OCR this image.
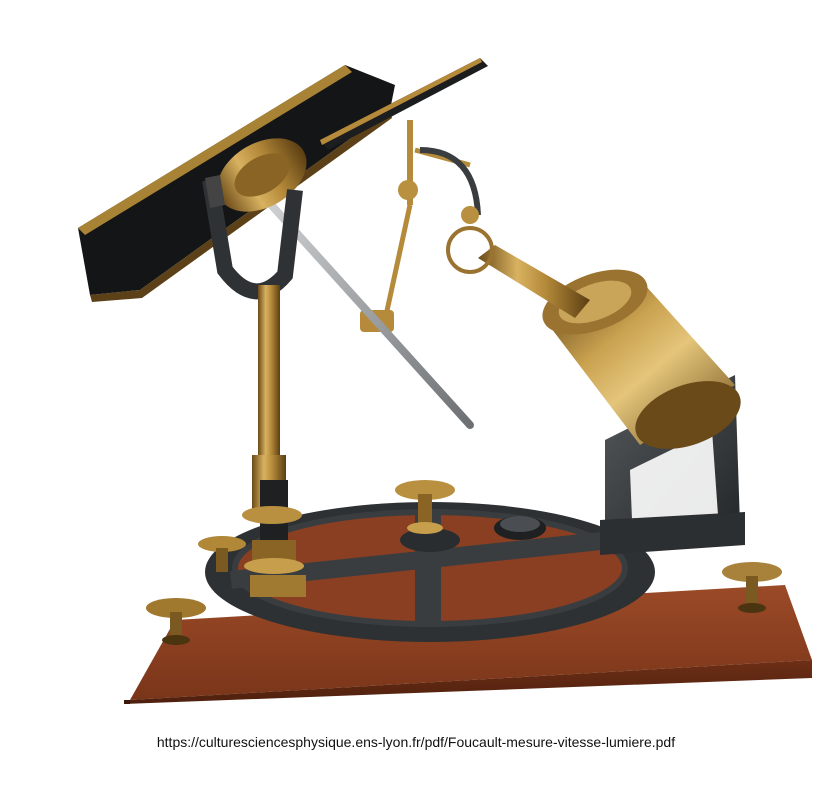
https://culturesciencesphysique.ens-lyon.fr/pdf/Foucault-mesure-vitesse-lumiere.pdf
